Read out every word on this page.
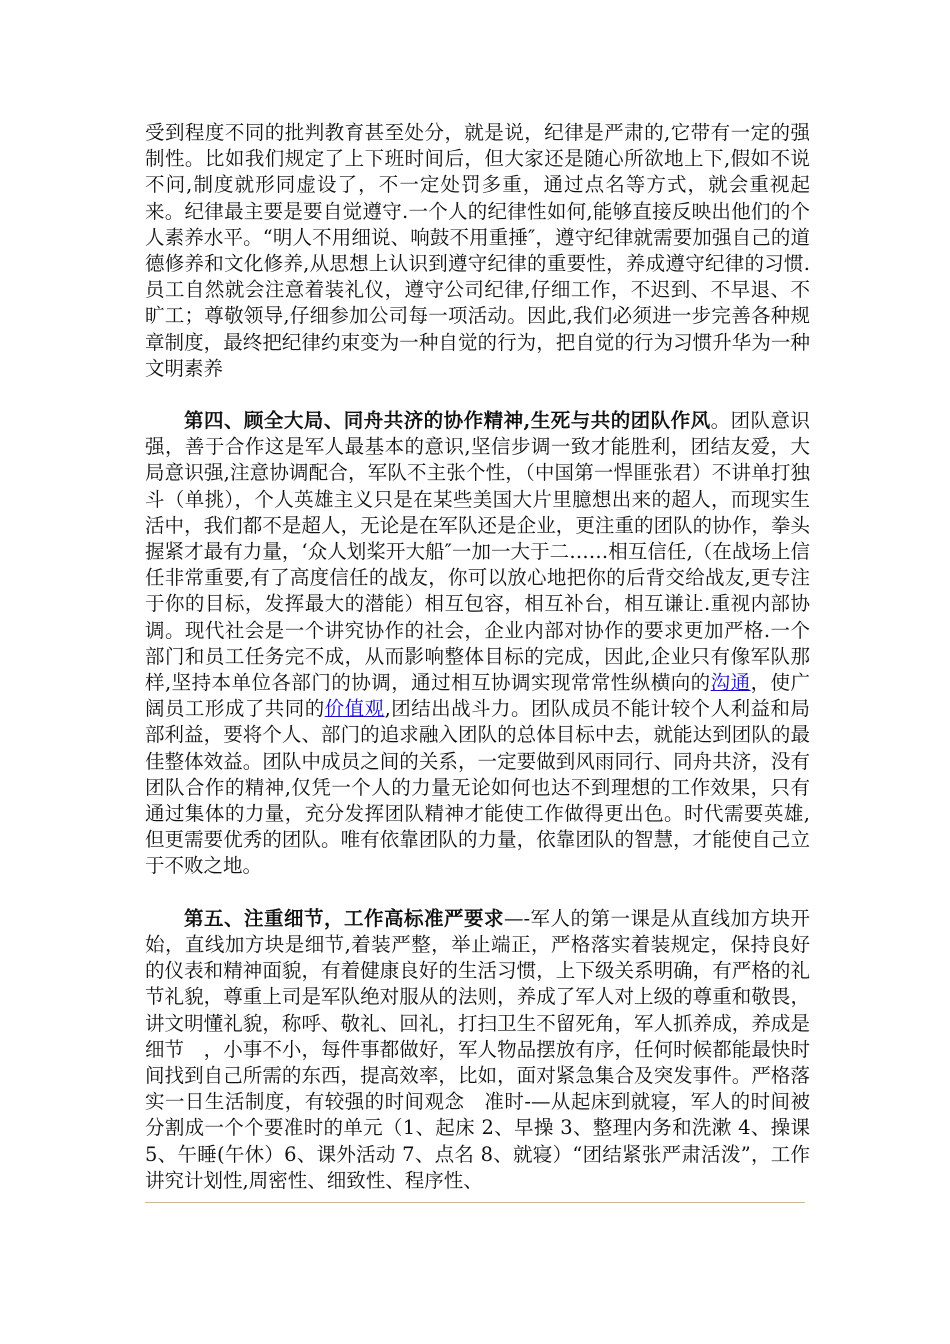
受到程度不同的批判教育甚至处分，就是说，纪律是严肃的,它带有一定的强制性。比如我们规定了上下班时间后，但大家还是随心所欲地上下,假如不说不问,制度就形同虚设了，不一定处罚多重，通过点名等方式，就会重视起来。纪律最主要是要自觉遵守.一个人的纪律性如何,能够直接反映出他们的个人素养水平。“明人不用细说、响鼓不用重捶″，遵守纪律就需要加强自己的道德修养和文化修养,从思想上认识到遵守纪律的重要性，养成遵守纪律的习惯.员工自然就会注意着装礼仪，遵守公司纪律,仔细工作，不迟到、不早退、不旷工；尊敬领导,仔细参加公司每一项活动。因此,我们必须进一步完善各种规章制度，最终把纪律约束变为一种自觉的行为，把自觉的行为习惯升华为一种文明素养

第四、顾全大局、同舟共济的协作精神,生死与共的团队作风。团队意识强，善于合作这是军人最基本的意识,坚信步调一致才能胜利，团结友爱，大局意识强,注意协调配合，军队不主张个性，（中国第一悍匪张君）不讲单打独斗（单挑），个人英雄主义只是在某些美国大片里臆想出来的超人，而现实生活中，我们都不是超人，无论是在军队还是企业，更注重的团队的协作，拳头握紧才最有力量，‘众人划桨开大船″一加一大于二……相互信任,（在战场上信任非常重要,有了高度信任的战友，你可以放心地把你的后背交给战友,更专注于你的目标，发挥最大的潜能）相互包容，相互补台，相互谦让.重视内部协调。现代社会是一个讲究协作的社会，企业内部对协作的要求更加严格.一个部门和员工任务完不成，从而影响整体目标的完成，因此,企业只有像军队那样,坚持本单位各部门的协调，通过相互协调实现常常性纵横向的沟通，使广阔员工形成了共同的价值观,团结出战斗力。团队成员不能计较个人利益和局部利益，要将个人、部门的追求融入团队的总体目标中去，就能达到团队的最佳整体效益。团队中成员之间的关系，一定要做到风雨同行、同舟共济，没有团队合作的精神,仅凭一个人的力量无论如何也达不到理想的工作效果，只有通过集体的力量，充分发挥团队精神才能使工作做得更出色。时代需要英雄,但更需要优秀的团队。唯有依靠团队的力量，依靠团队的智慧，才能使自己立于不败之地。

第五、注重细节，工作高标准严要求—-军人的第一课是从直线加方块开始，直线加方块是细节,着装严整，举止端正，严格落实着装规定，保持良好的仪表和精神面貌，有着健康良好的生活习惯，上下级关系明确，有严格的礼节礼貌，尊重上司是军队绝对服从的法则，养成了军人对上级的尊重和敬畏，讲文明懂礼貌，称呼、敬礼、回礼，打扫卫生不留死角，军人抓养成，养成是细节　，小事不小，每件事都做好，军人物品摆放有序，任何时候都能最快时间找到自己所需的东西，提高效率，比如，面对紧急集合及突发事件。严格落实一日生活制度，有较强的时间观念　准时-—从起床到就寝，军人的时间被分割成一个个要准时的单元（1、起床 2、早操 3、整理内务和洗漱 4、操课 5、午睡(午休）6、课外活动 7、点名 8、就寝）“团结紧张严肃活泼”，工作讲究计划性,周密性、细致性、程序性、
